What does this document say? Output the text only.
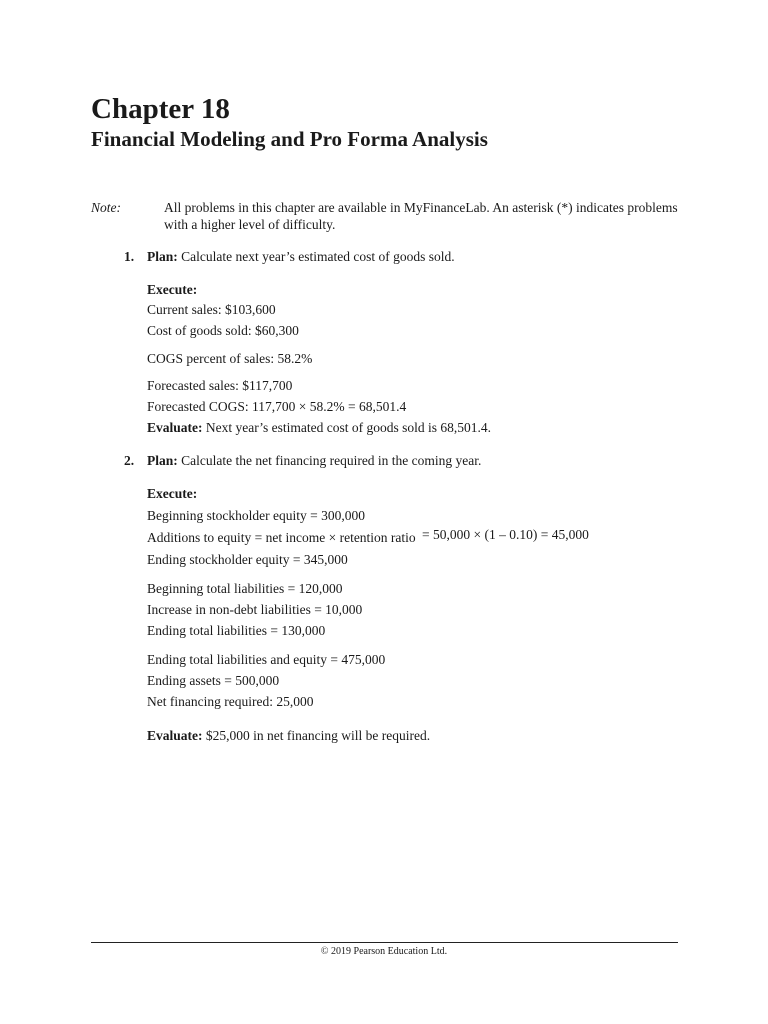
Chapter 18
Financial Modeling and Pro Forma Analysis
Note:	All problems in this chapter are available in MyFinanceLab. An asterisk (*) indicates problems
with a higher level of difficulty.
1. Plan: Calculate next year’s estimated cost of goods sold.
Execute:
Current sales: $103,600
Cost of goods sold: $60,300
COGS percent of sales: 58.2%
Forecasted sales: $117,700
Forecasted COGS: 117,700 × 58.2% = 68,501.4
Evaluate: Next year’s estimated cost of goods sold is 68,501.4.
2. Plan: Calculate the net financing required in the coming year.
Execute:
Beginning stockholder equity = 300,000
Additions to equity = net income × retention ratio = 50,000 × (1 – 0.10) = 45,000
Ending stockholder equity = 345,000
Beginning total liabilities = 120,000
Increase in non-debt liabilities = 10,000
Ending total liabilities = 130,000
Ending total liabilities and equity = 475,000
Ending assets = 500,000
Net financing required: 25,000
Evaluate: $25,000 in net financing will be required.
© 2019 Pearson Education Ltd.
